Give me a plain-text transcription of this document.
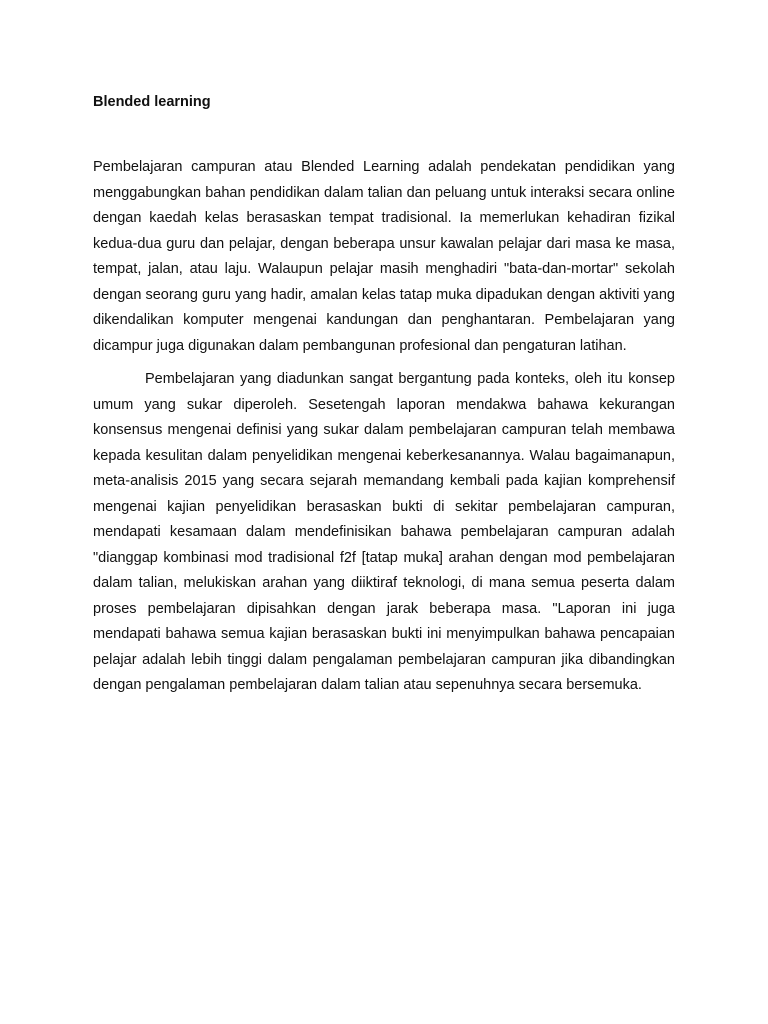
Blended learning

Pembelajaran campuran atau Blended Learning adalah pendekatan pendidikan yang menggabungkan bahan pendidikan dalam talian dan peluang untuk interaksi secara online dengan kaedah kelas berasaskan tempat tradisional. Ia memerlukan kehadiran fizikal kedua-dua guru dan pelajar, dengan beberapa unsur kawalan pelajar dari masa ke masa, tempat, jalan, atau laju. Walaupun pelajar masih menghadiri "bata-dan-mortar" sekolah dengan seorang guru yang hadir, amalan kelas tatap muka dipadukan dengan aktiviti yang dikendalikan komputer mengenai kandungan dan penghantaran. Pembelajaran yang dicampur juga digunakan dalam pembangunan profesional dan pengaturan latihan.

Pembelajaran yang diadunkan sangat bergantung pada konteks, oleh itu konsep umum yang sukar diperoleh. Sesetengah laporan mendakwa bahawa kekurangan konsensus mengenai definisi yang sukar dalam pembelajaran campuran telah membawa kepada kesulitan dalam penyelidikan mengenai keberkesanannya. Walau bagaimanapun, meta-analisis 2015 yang secara sejarah memandang kembali pada kajian komprehensif mengenai kajian penyelidikan berasaskan bukti di sekitar pembelajaran campuran, mendapati kesamaan dalam mendefinisikan bahawa pembelajaran campuran adalah "dianggap kombinasi mod tradisional f2f [tatap muka] arahan dengan mod pembelajaran dalam talian, melukiskan arahan yang diiktiraf teknologi, di mana semua peserta dalam proses pembelajaran dipisahkan dengan jarak beberapa masa. "Laporan ini juga mendapati bahawa semua kajian berasaskan bukti ini menyimpulkan bahawa pencapaian pelajar adalah lebih tinggi dalam pengalaman pembelajaran campuran jika dibandingkan dengan pengalaman pembelajaran dalam talian atau sepenuhnya secara bersemuka.
